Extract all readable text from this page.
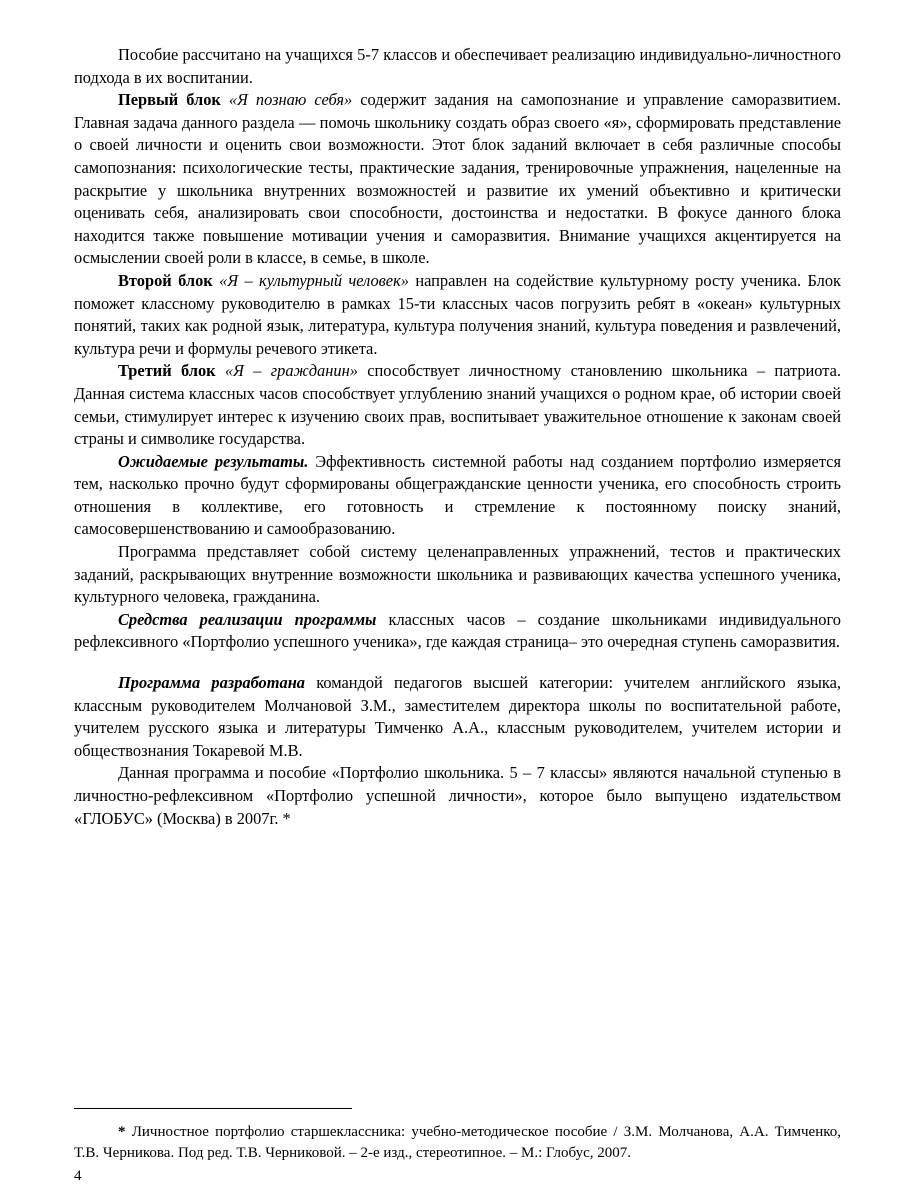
Пособие рассчитано на учащихся 5-7 классов и обеспечивает реализацию индивидуально-личностного подхода в их воспитании.

Первый блок «Я познаю себя» содержит задания на самопознание и управление саморазвитием. Главная задача данного раздела — помочь школьнику создать образ своего «я», сформировать представление о своей личности и оценить свои возможности. Этот блок заданий включает в себя различные способы самопознания: психологические тесты, практические задания, тренировочные упражнения, нацеленные на раскрытие у школьника внутренних возможностей и развитие их умений объективно и критически оценивать себя, анализировать свои способности, достоинства и недостатки. В фокусе данного блока находится также повышение мотивации учения и саморазвития. Внимание учащихся акцентируется на осмыслении своей роли в классе, в семье, в школе.

Второй блок «Я – культурный человек» направлен на содействие культурному росту ученика. Блок поможет классному руководителю в рамках 15-ти классных часов погрузить ребят в «океан» культурных понятий, таких как родной язык, литература, культура получения знаний, культура поведения и развлечений, культура речи и формулы речевого этикета.

Третий блок «Я – гражданин» способствует личностному становлению школьника – патриота. Данная система классных часов способствует углублению знаний учащихся о родном крае, об истории своей семьи, стимулирует интерес к изучению своих прав, воспитывает уважительное отношение к законам своей страны и символике государства.

Ожидаемые результаты. Эффективность системной работы над созданием портфолио измеряется тем, насколько прочно будут сформированы общегражданские ценности ученика, его способность строить отношения в коллективе, его готовность и стремление к постоянному поиску знаний, самосовершенствованию и самообразованию.

Программа представляет собой систему целенаправленных упражнений, тестов и практических заданий, раскрывающих внутренние возможности школьника и развивающих качества успешного ученика, культурного человека, гражданина.

Средства реализации программы классных часов – создание школьниками индивидуального рефлексивного «Портфолио успешного ученика», где каждая страница– это очередная ступень саморазвития.

Программа разработана командой педагогов высшей категории: учителем английского языка, классным руководителем Молчановой З.М., заместителем директора школы по воспитательной работе, учителем русского языка и литературы Тимченко А.А., классным руководителем, учителем истории и обществознания Токаревой М.В.

Данная программа и пособие «Портфолио школьника. 5 – 7 классы» являются начальной ступенью в личностно-рефлексивном «Портфолио успешной личности», которое было выпущено издательством «ГЛОБУС» (Москва) в 2007г. *

* Личностное портфолио старшеклассника: учебно-методическое пособие / З.М. Молчанова, А.А. Тимченко, Т.В. Черникова. Под ред. Т.В. Черниковой. – 2-е изд., стереотипное. – М.: Глобус, 2007.

4
